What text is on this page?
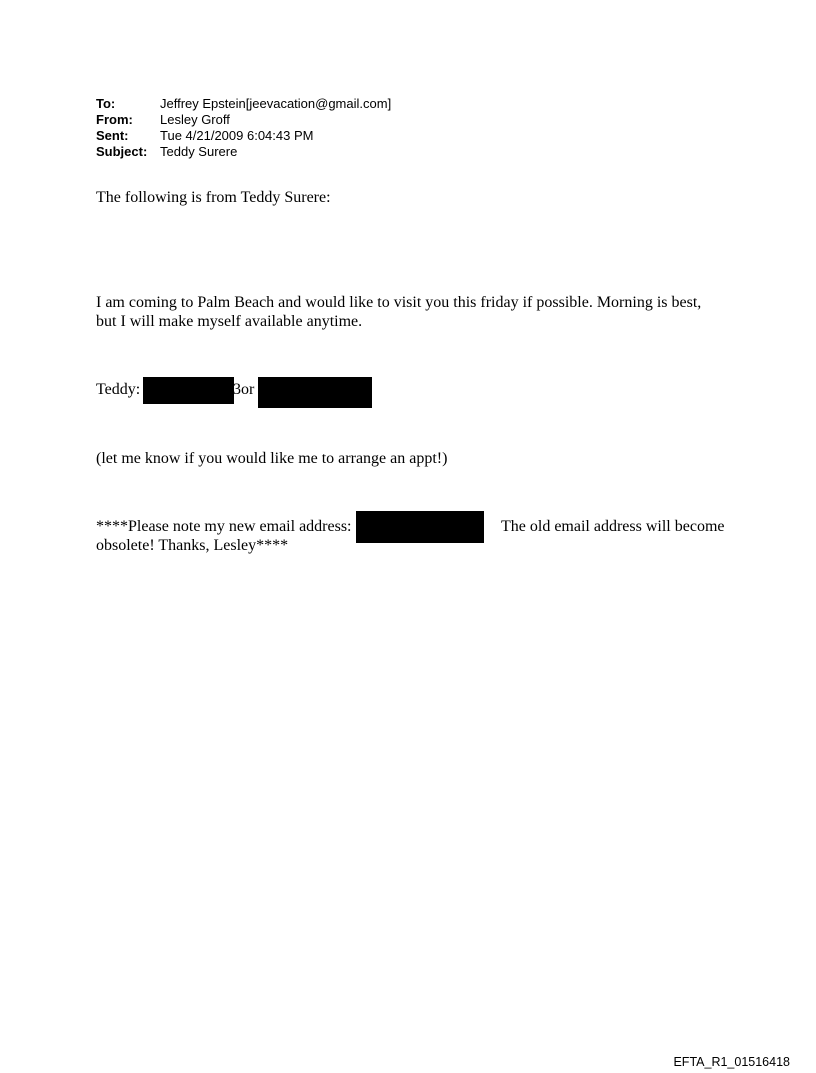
To:	Jeffrey Epstein[jeevacation@gmail.com]
From:	Lesley Groff
Sent:	Tue 4/21/2009 6:04:43 PM
Subject: Teddy Surere
The following is from Teddy Surere:
I am coming to Palm Beach and would like to visit you this friday if possible. Morning is best,
but I will make myself available anytime.
Teddy:	3 or
(let me know if you would like me to arrange an appt!)
****Please note my new email address:	The old email address will become
obsolete! Thanks, Lesley****
EFTA_R1_01516418
